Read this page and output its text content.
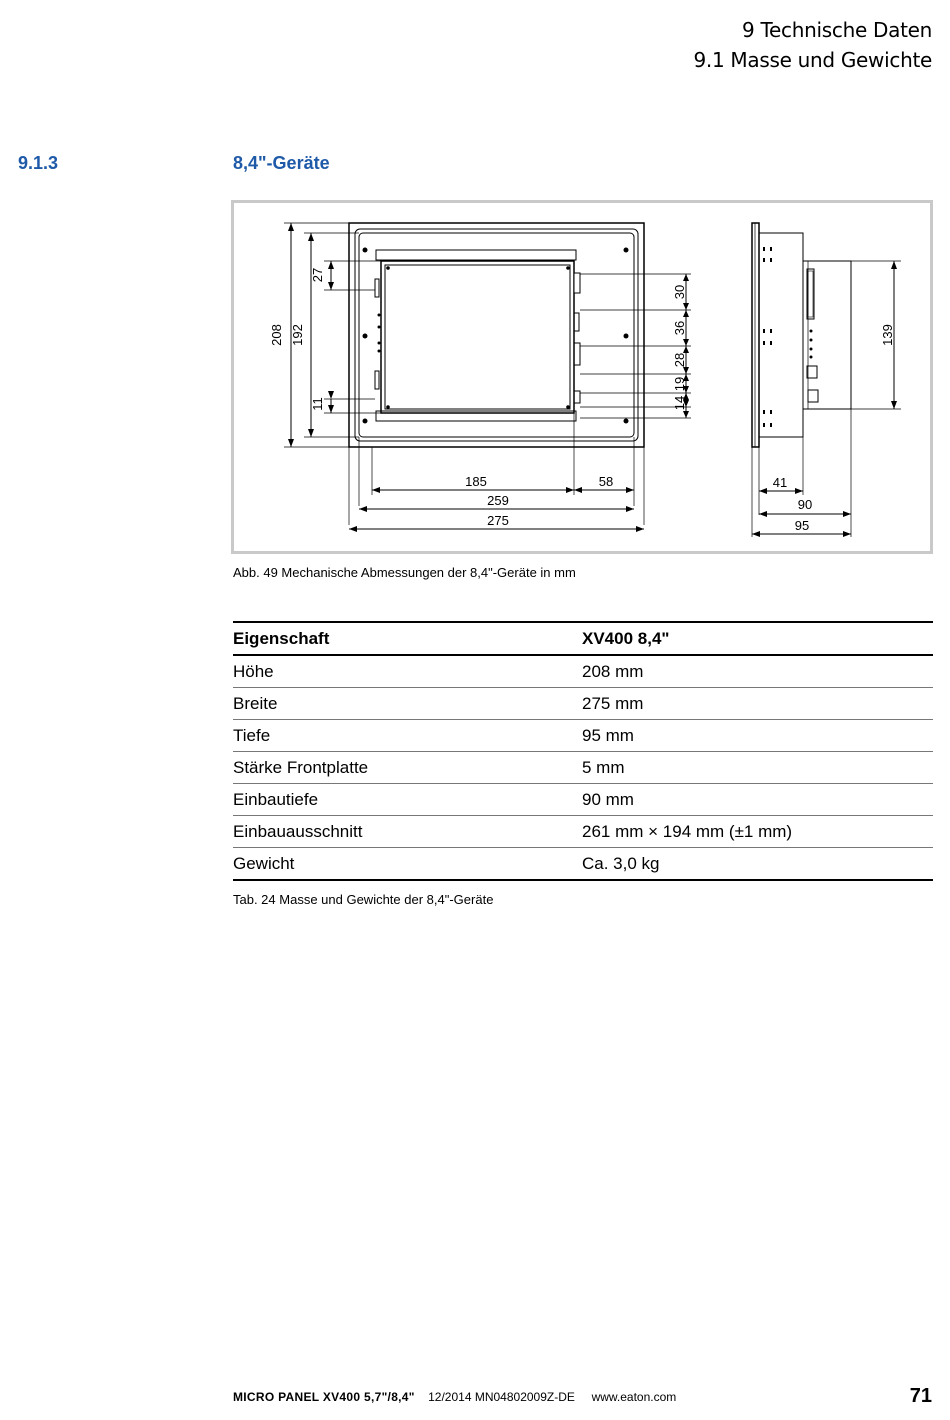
9 Technische Daten
9.1 Masse und Gewichte
9.1.3	8,4"-Geräte
208 192
27
11
30
36
28
19
14
185	58
259
275
139
41
90
95
Abb. 49 Mechanische Abmessungen der 8,4"-Geräte in mm
Eigenschaft	XV400 8,4"
Höhe	208 mm
Breite	275 mm
Tiefe	95 mm
Stärke Frontplatte	5 mm
Einbautiefe	90 mm
Einbauausschnitt	261 mm × 194 mm (±1 mm)
Gewicht	Ca. 3,0 kg
Tab. 24 Masse und Gewichte der 8,4"-Geräte
MICRO PANEL XV400 5,7"/8,4" 12/2014 MN04802009Z-DE www.eaton.com	71
